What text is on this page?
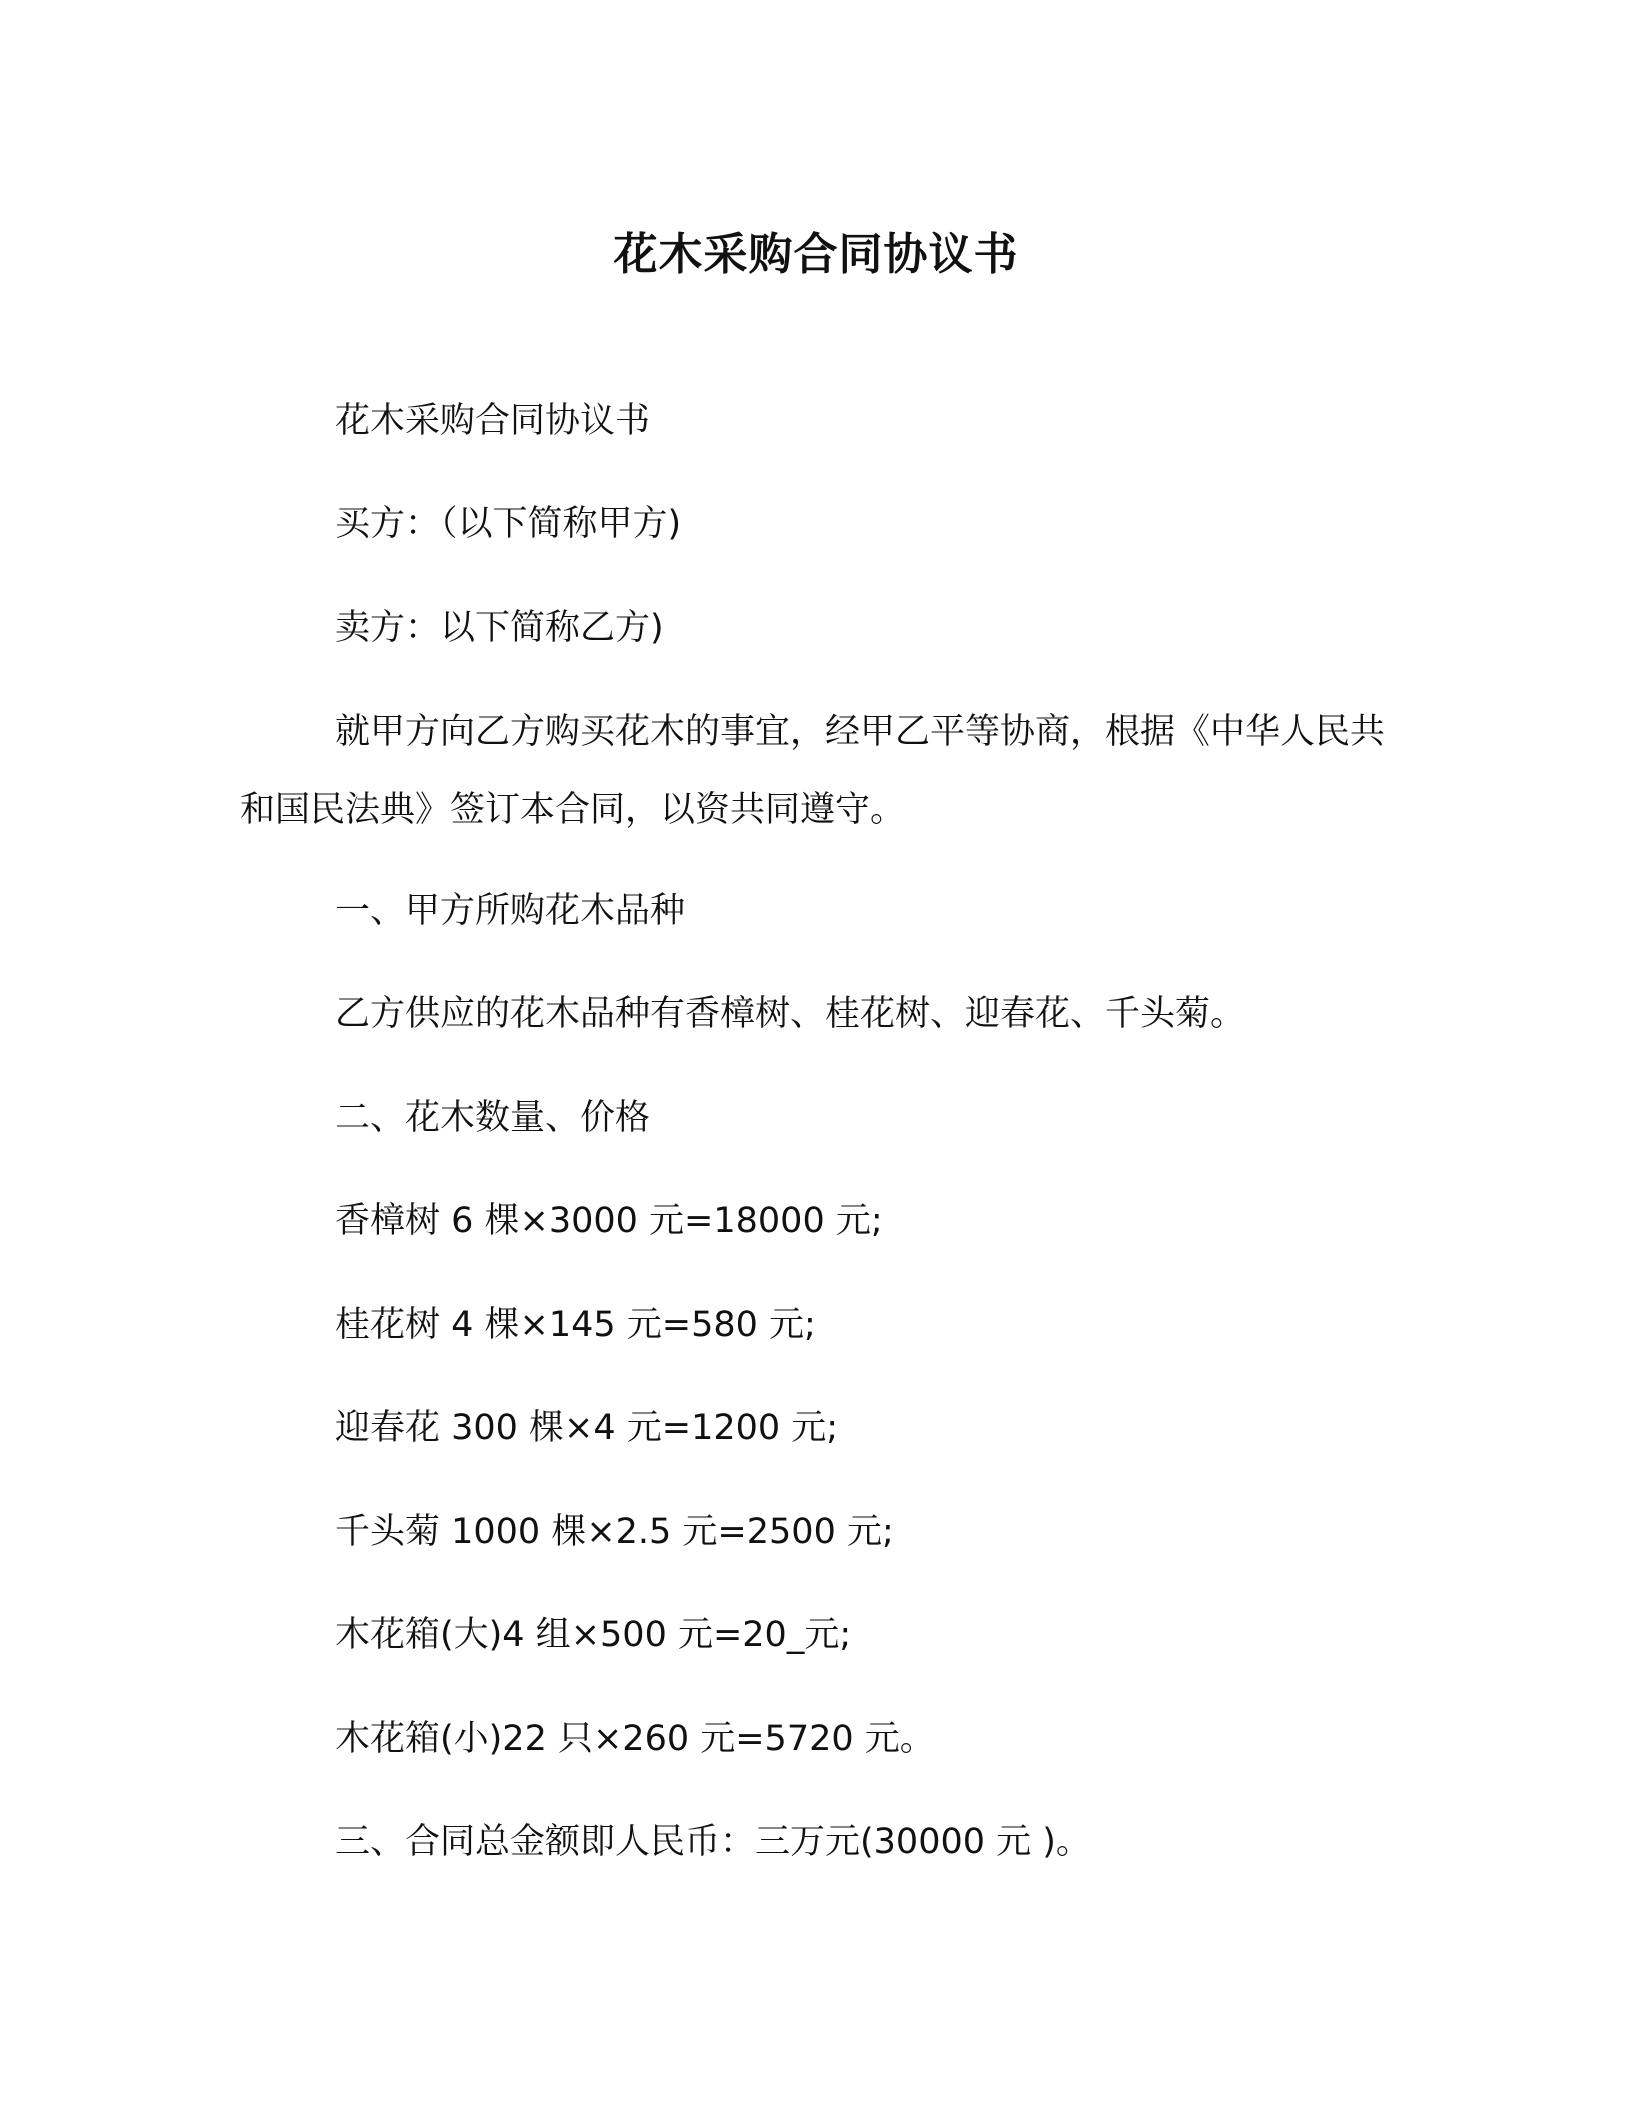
花木采购合同协议书
花木采购合同协议书
买方：（以下简称甲方)
卖方：以下简称乙方)
就甲方向乙方购买花木的事宜，经甲乙平等协商，根据《中华人民共和国民法典》签订本合同，以资共同遵守。
一、甲方所购花木品种
乙方供应的花木品种有香樟树、桂花树、迎春花、千头菊。
二、花木数量、价格
香樟树 6 棵×3000 元=18000 元;
桂花树 4 棵×145 元=580 元;
迎春花 300 棵×4 元=1200 元;
千头菊 1000 棵×2.5 元=2500 元;
木花箱(大)4 组×500 元=20_元;
木花箱(小)22 只×260 元=5720 元。
三、合同总金额即人民币：三万元(30000 元 )。
